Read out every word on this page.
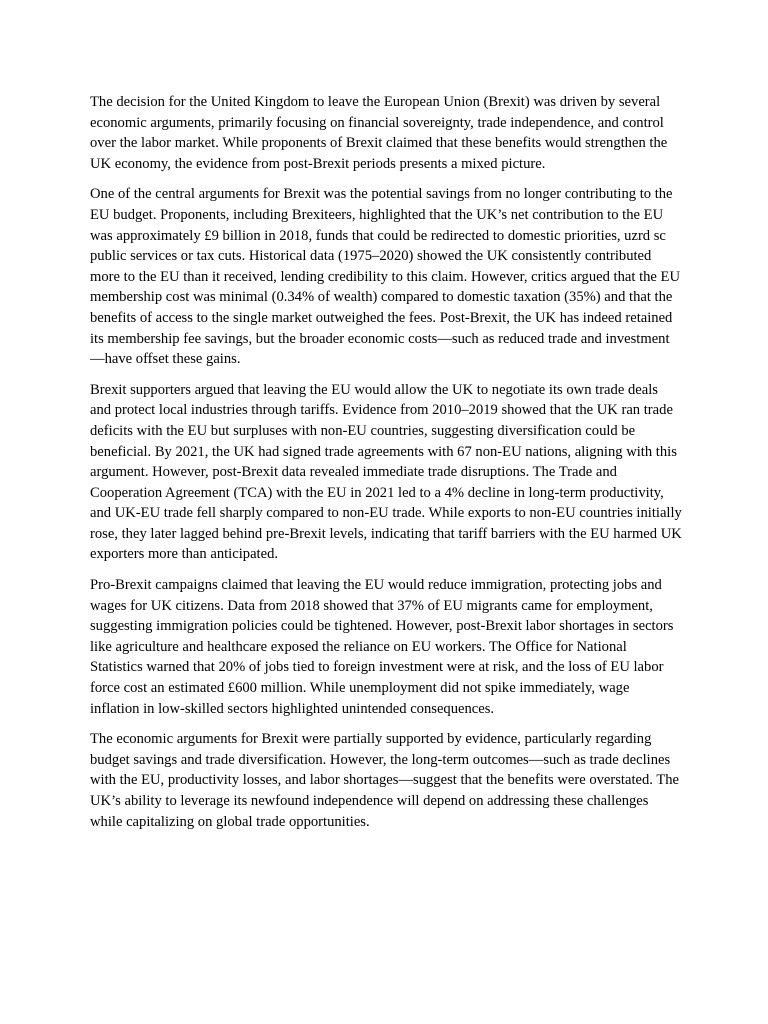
The decision for the United Kingdom to leave the European Union (Brexit) was driven by several economic arguments, primarily focusing on financial sovereignty, trade independence, and control over the labor market. While proponents of Brexit claimed that these benefits would strengthen the UK economy, the evidence from post-Brexit periods presents a mixed picture.

One of the central arguments for Brexit was the potential savings from no longer contributing to the EU budget. Proponents, including Brexiteers, highlighted that the UK’s net contribution to the EU was approximately £9 billion in 2018, funds that could be redirected to domestic priorities, uzrd sc public services or tax cuts. Historical data (1975–2020) showed the UK consistently contributed more to the EU than it received, lending credibility to this claim. However, critics argued that the EU membership cost was minimal (0.34% of wealth) compared to domestic taxation (35%) and that the benefits of access to the single market outweighed the fees. Post-Brexit, the UK has indeed retained its membership fee savings, but the broader economic costs—such as reduced trade and investment—have offset these gains.

Brexit supporters argued that leaving the EU would allow the UK to negotiate its own trade deals and protect local industries through tariffs. Evidence from 2010–2019 showed that the UK ran trade deficits with the EU but surpluses with non-EU countries, suggesting diversification could be beneficial. By 2021, the UK had signed trade agreements with 67 non-EU nations, aligning with this argument. However, post-Brexit data revealed immediate trade disruptions. The Trade and Cooperation Agreement (TCA) with the EU in 2021 led to a 4% decline in long-term productivity, and UK-EU trade fell sharply compared to non-EU trade. While exports to non-EU countries initially rose, they later lagged behind pre-Brexit levels, indicating that tariff barriers with the EU harmed UK exporters more than anticipated.

Pro-Brexit campaigns claimed that leaving the EU would reduce immigration, protecting jobs and wages for UK citizens. Data from 2018 showed that 37% of EU migrants came for employment, suggesting immigration policies could be tightened. However, post-Brexit labor shortages in sectors like agriculture and healthcare exposed the reliance on EU workers. The Office for National Statistics warned that 20% of jobs tied to foreign investment were at risk, and the loss of EU labor force cost an estimated £600 million. While unemployment did not spike immediately, wage inflation in low-skilled sectors highlighted unintended consequences.

The economic arguments for Brexit were partially supported by evidence, particularly regarding budget savings and trade diversification. However, the long-term outcomes—such as trade declines with the EU, productivity losses, and labor shortages—suggest that the benefits were overstated. The UK’s ability to leverage its newfound independence will depend on addressing these challenges while capitalizing on global trade opportunities.
